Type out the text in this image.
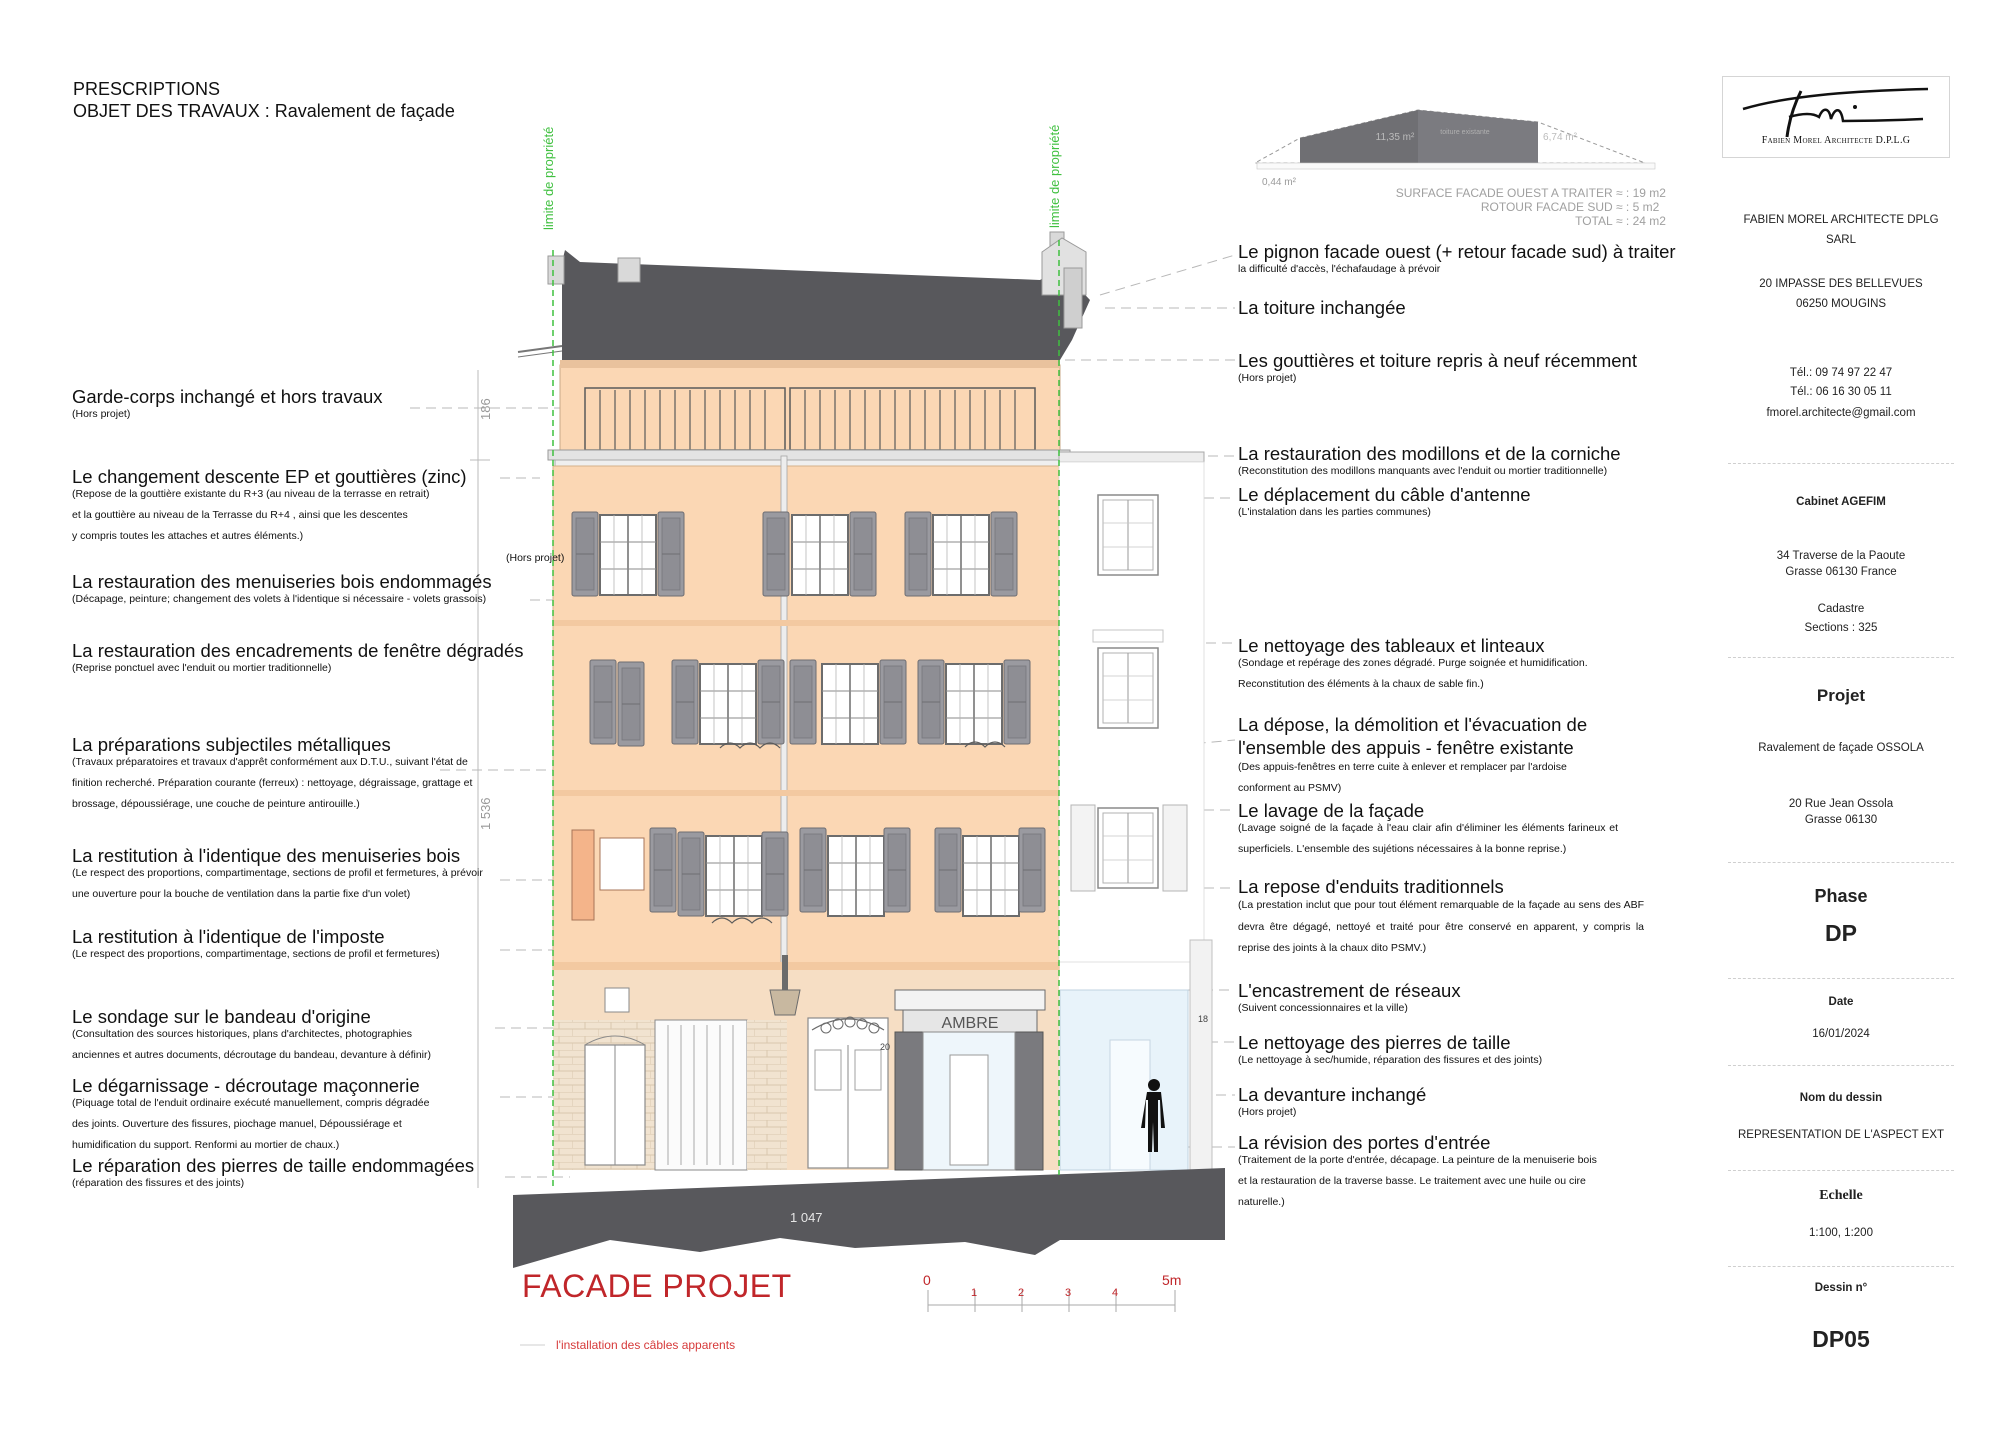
PRESCRIPTIONS
OBJET DES TRAVAUX : Ravalement de façade
20
AMBRE	18
1 047
limite de propriété	limite de propriété
186
1 536
11,35 m²	toiture existante	6,74 m²
0,44 m²
0
1	2	3	4
5m
SURFACE FACADE OUEST A TRAITER
≈ : 19 m2
ROTOUR FACADE SUD
≈ : 5 m2
TOTAL
≈ : 24 m2
Garde-corps inchangé et hors travaux
(Hors projet)
Le changement descente EP et gouttières (zinc)
(Repose de la gouttière existante du R+3 (au niveau de la terrasse en retrait)
et la gouttière au niveau de la Terrasse du R+4 , ainsi que les descentes
y compris toutes les attaches et autres éléments.)
(Hors projet)
La restauration des menuiseries bois endommagés
(Décapage, peinture; changement des volets à l'identique si nécessaire - volets grassois)
La restauration des encadrements de fenêtre dégradés
(Reprise ponctuel avec l'enduit ou mortier traditionnelle)
La préparations subjectiles métalliques
(Travaux préparatoires et travaux d'apprêt conformément aux D.T.U., suivant l'état de
finition recherché. Préparation courante (ferreux) : nettoyage, dégraissage, grattage et
brossage, dépoussiérage, une couche de peinture antirouille.)
La restitution à l'identique des menuiseries bois
(Le respect des proportions, compartimentage, sections de profil et fermetures, à prévoir
une ouverture pour la bouche de ventilation dans la partie fixe d'un volet)
La restitution à l'identique de l'imposte
(Le respect des proportions, compartimentage, sections de profil et fermetures)
Le sondage sur le bandeau d'origine
(Consultation des sources historiques, plans d'architectes, photographies
anciennes et autres documents, décroutage du bandeau, devanture à définir)
Le dégarnissage - décroutage maçonnerie
(Piquage total de l'enduit ordinaire exécuté manuellement, compris dégradée
des joints. Ouverture des fissures, piochage manuel, Dépoussiérage et
humidification du support. Renformi au mortier de chaux.)
Le réparation des pierres de taille endommagées
(réparation des fissures et des joints)
Le pignon facade ouest (+ retour facade sud) à traiter
la difficulté d'accès, l'échafaudage à prévoir
La toiture inchangée
Les gouttières et toiture repris à neuf récemment
(Hors projet)
La restauration des modillons et de la corniche
(Reconstitution des modillons manquants avec l'enduit ou mortier traditionnelle)
Le déplacement du câble d'antenne
(L'instalation dans les parties communes)
Le nettoyage des tableaux et linteaux
(Sondage et repérage des zones dégradé. Purge soignée et humidification.
Reconstitution des éléments à la chaux de sable fin.)
La dépose, la démolition et l'évacuation de
l'ensemble des appuis - fenêtre existante
(Des appuis-fenêtres en terre cuite à enlever et remplacer par l'ardoise
conforment au PSMV)
Le lavage de la façade
(Lavage soigné de la façade à l'eau clair afin d'éliminer les éléments farineux et superficiels. L'ensemble des sujétions nécessaires à la bonne reprise.)
La repose d'enduits traditionnels
(La prestation inclut que pour tout élément remarquable de la façade au sens des ABF devra être dégagé, nettoyé et traité pour être conservé en apparent, y compris la reprise des joints à la chaux dito PSMV.)
L'encastrement de réseaux
(Suivent concessionnaires et la ville)
Le nettoyage des pierres de taille
(Le nettoyage à sec/humide, réparation des fissures et des joints)
La devanture inchangé
(Hors projet)
La révision des portes d'entrée
(Traitement de la porte d'entrée, décapage. La peinture de la menuiserie bois
et la restauration de la traverse basse. Le traitement avec une huile ou cire
naturelle.)
FACADE PROJET
l'installation des câbles apparents
Fabien Morel Architecte D.P.L.G
FABIEN MOREL ARCHITECTE DPLG
SARL
20 IMPASSE DES BELLEVUES
06250 MOUGINS
Tél.: 09 74 97 22 47
Tél.: 06 16 30 05 11
fmorel.architecte@gmail.com
Cabinet AGEFIM
34 Traverse de la Paoute
Grasse 06130 France
Cadastre
Sections : 325
Projet
Ravalement de façade OSSOLA
20 Rue Jean Ossola
Grasse 06130
Phase
DP
Date
16/01/2024
Nom du dessin
REPRESENTATION DE L'ASPECT EXT
Echelle
1:100, 1:200
Dessin n°
DP05
